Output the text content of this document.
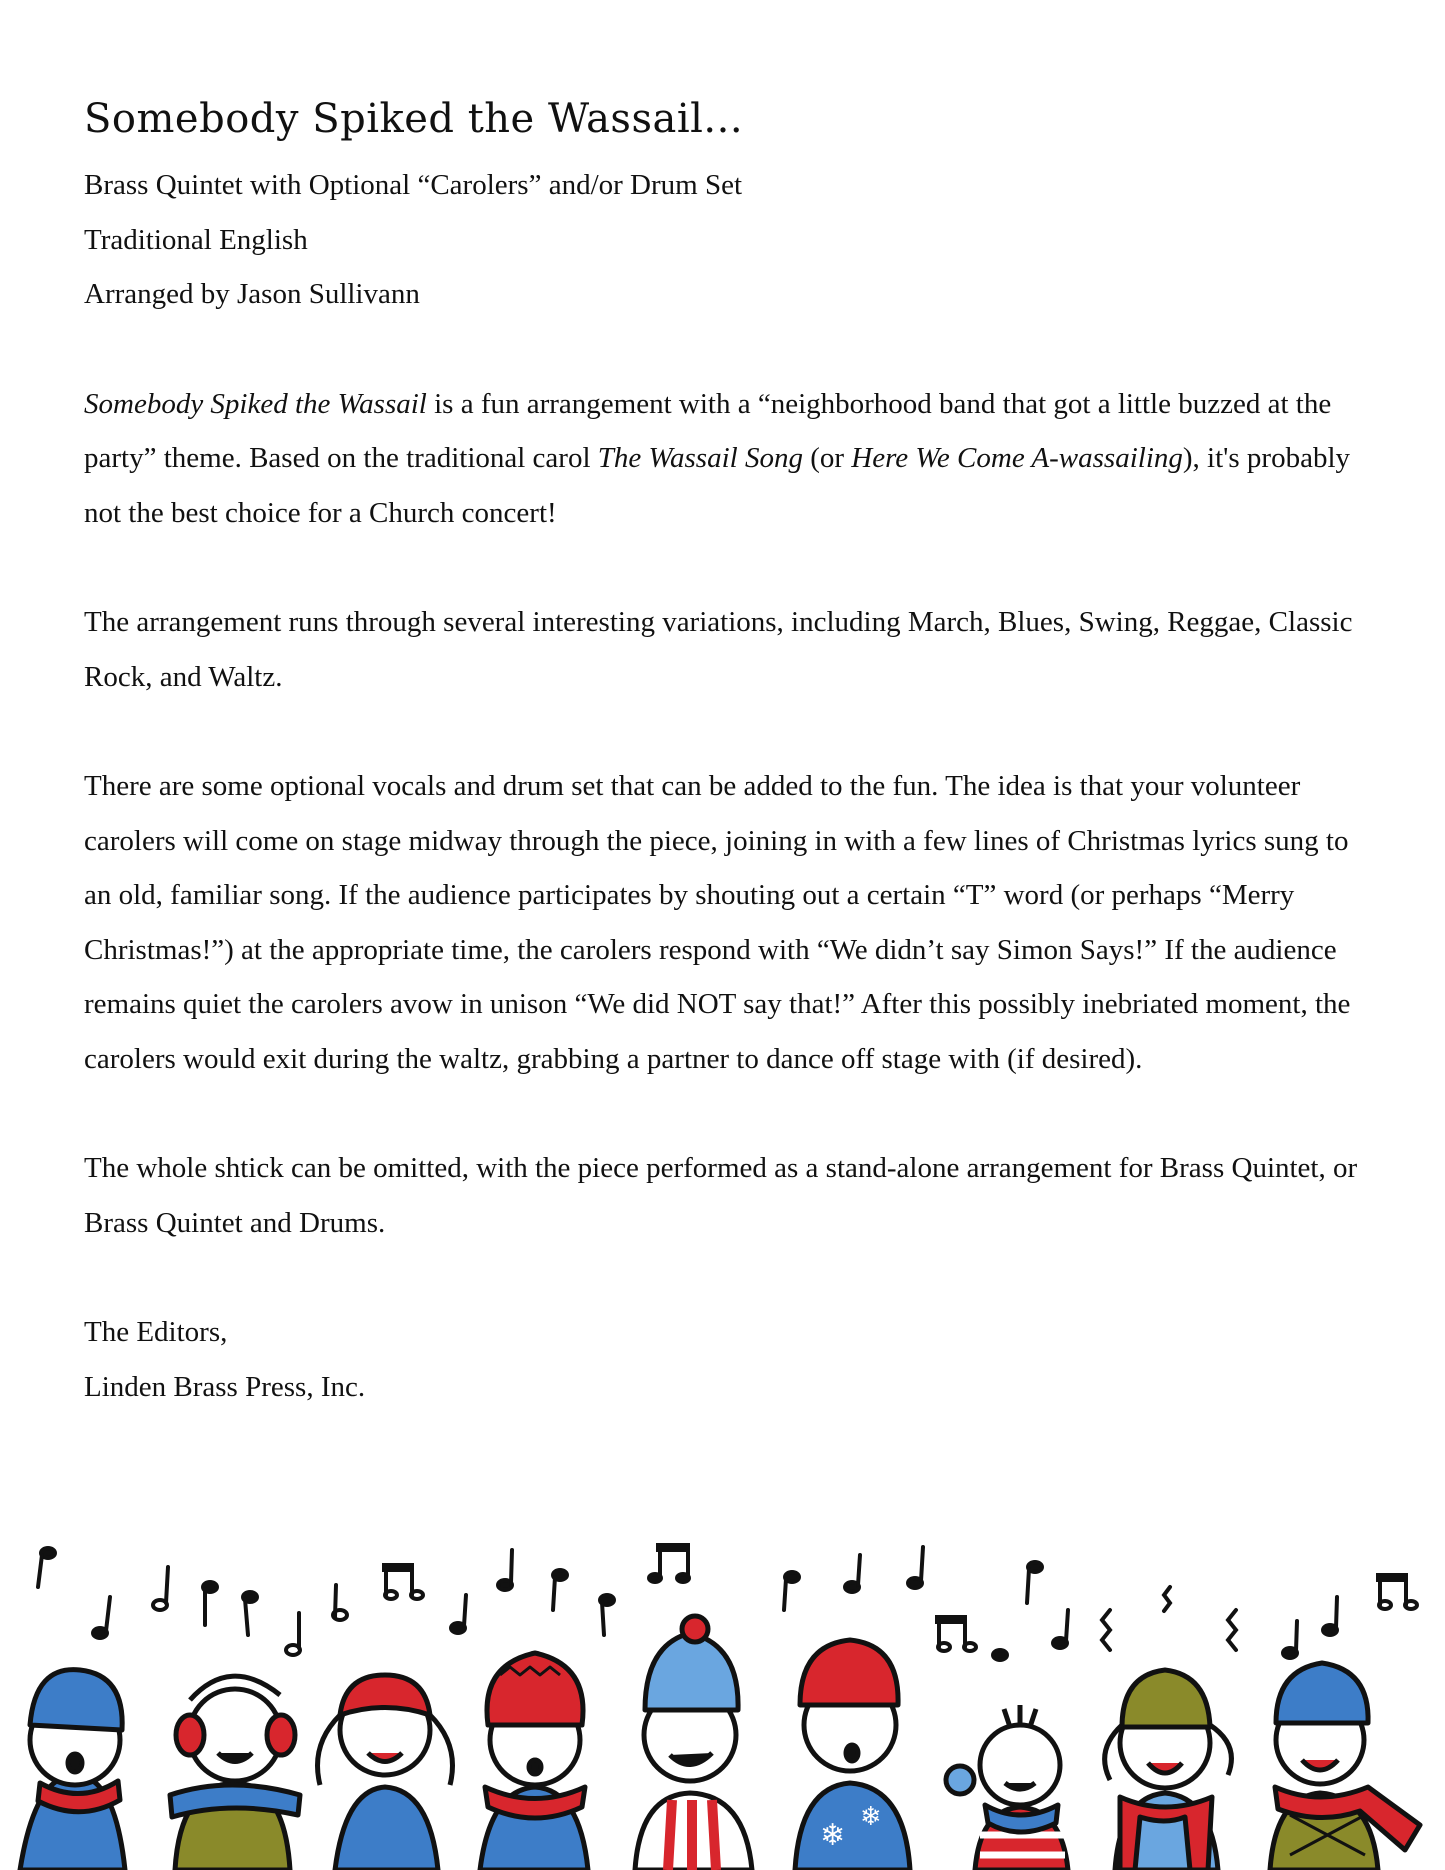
Somebody Spiked the Wassail...
Brass Quintet with Optional “Carolers” and/or Drum Set
Traditional English
Arranged by Jason Sullivann

Somebody Spiked the Wassail is a fun arrangement with a “neighborhood band that got a little buzzed at the party” theme. Based on the traditional carol The Wassail Song (or Here We Come A-wassailing), it's probably not the best choice for a Church concert!

The arrangement runs through several interesting variations, including March, Blues, Swing, Reggae, Classic Rock, and Waltz.

There are some optional vocals and drum set that can be added to the fun. The idea is that your volunteer carolers will come on stage midway through the piece, joining in with a few lines of Christmas lyrics sung to an old, familiar song. If the audience participates by shouting out a certain “T” word (or perhaps “Merry Christmas!”) at the appropriate time, the carolers respond with “We didn’t say Simon Says!” If the audience remains quiet the carolers avow in unison “We did NOT say that!” After this possibly inebriated moment, the carolers would exit during the waltz, grabbing a partner to dance off stage with (if desired).

The whole shtick can be omitted, with the piece performed as a stand-alone arrangement for Brass Quintet, or Brass Quintet and Drums.

The Editors,
Linden Brass Press, Inc.
❄
❄
